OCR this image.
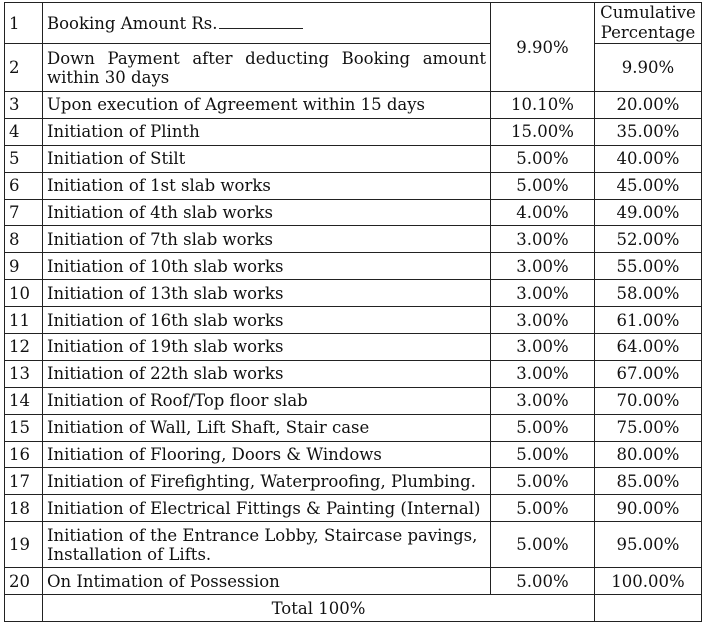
1	Booking Amount Rs.	9.90%	Cumulative
Percentage

2	Down Payment after deducting Booking amount within 30 days		9.90%
3	Upon execution of Agreement within 15 days	10.10%	20.00%
4	Initiation of Plinth	15.00%	35.00%
5	Initiation of Stilt	5.00%	40.00%
6	Initiation of 1st slab works	5.00%	45.00%
7	Initiation of 4th slab works	4.00%	49.00%
8	Initiation of 7th slab works	3.00%	52.00%
9	Initiation of 10th slab works	3.00%	55.00%
10	Initiation of 13th slab works	3.00%	58.00%
11	Initiation of 16th slab works	3.00%	61.00%
12	Initiation of 19th slab works	3.00%	64.00%
13	Initiation of 22th slab works	3.00%	67.00%
14	Initiation of Roof/Top floor slab	3.00%	70.00%
15	Initiation of Wall, Lift Shaft, Stair case	5.00%	75.00%
16	Initiation of Flooring, Doors & Windows	5.00%	80.00%
17	Initiation of Firefighting, Waterproofing, Plumbing.	5.00%	85.00%
18	Initiation of Electrical Fittings & Painting (Internal)	5.00%	90.00%
19	Initiation of the Entrance Lobby, Staircase pavings, Installation of Lifts.	5.00%	95.00%
20	On Intimation of Possession	5.00%	100.00%
	Total 100%		
